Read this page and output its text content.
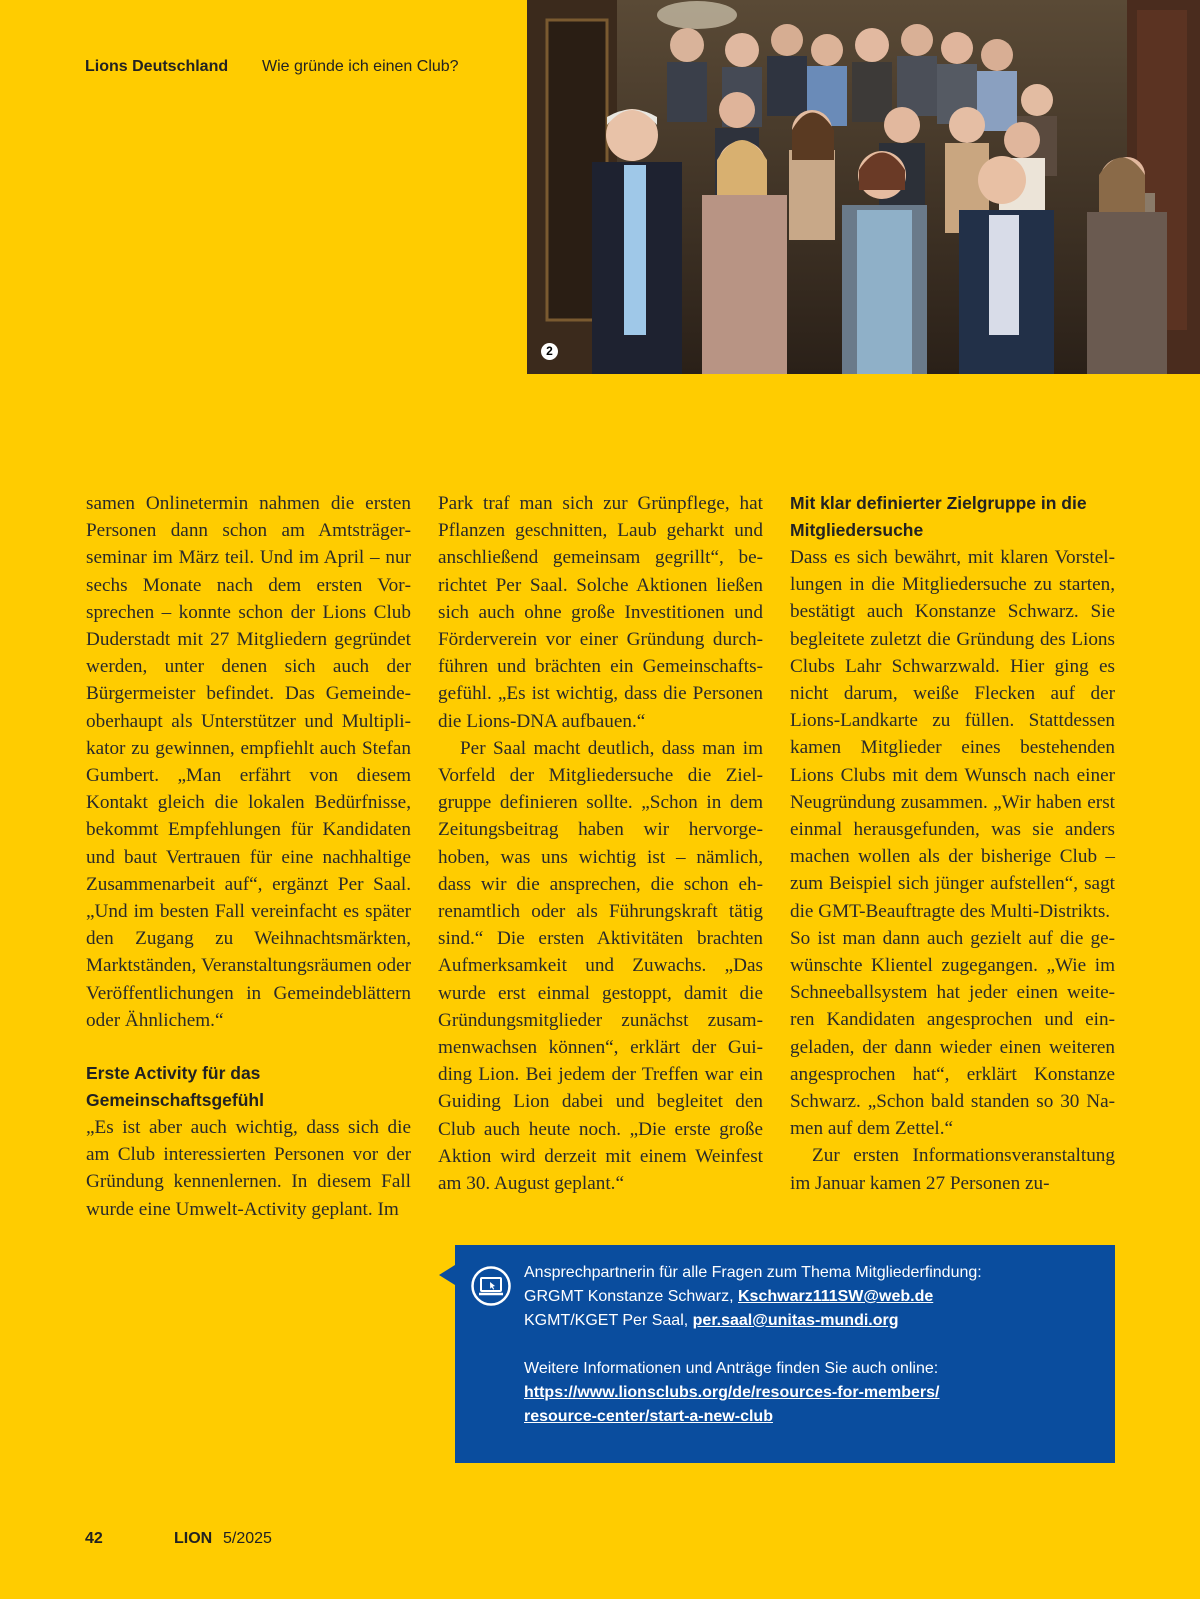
Lions Deutschland Wie gründe ich einen Club?
2

samen Onlinetermin nahmen die ersten Personen dann schon am Amtsträgerseminar im März teil. Und im April – nur sechs Monate nach dem ersten Vorsprechen – konnte schon der Lions Club Duderstadt mit 27 Mitgliedern gegründet werden, unter denen sich auch der Bürgermeister befindet. Das Gemeindeoberhaupt als Unterstützer und Multiplikator zu gewinnen, empfiehlt auch Stefan Gumbert. „Man erfährt von diesem Kontakt gleich die lokalen Bedürfnisse, bekommt Empfehlungen für Kandidaten und baut Vertrauen für eine nachhaltige Zusammenarbeit auf“, ergänzt Per Saal. „Und im besten Fall vereinfacht es später den Zugang zu Weihnachtsmärkten, Marktständen, Veranstaltungsräumen oder Veröffentlichungen in Gemeindeblättern oder Ähnlichem.“

Erste Activity für das Gemeinschaftsgefühl

„Es ist aber auch wichtig, dass sich die am Club interessierten Personen vor der Gründung kennenlernen. In diesem Fall wurde eine Umwelt-Activity geplant. Im

Park traf man sich zur Grünpflege, hat Pflanzen geschnitten, Laub geharkt und anschließend gemeinsam gegrillt“, berichtet Per Saal. Solche Aktionen ließen sich auch ohne große Investitionen und Förderverein vor einer Gründung durchführen und brächten ein Gemeinschaftsgefühl. „Es ist wichtig, dass die Personen die Lions-DNA aufbauen.“

Per Saal macht deutlich, dass man im Vorfeld der Mitgliedersuche die Zielgruppe definieren sollte. „Schon in dem Zeitungsbeitrag haben wir hervorgehoben, was uns wichtig ist – nämlich, dass wir die ansprechen, die schon ehrenamtlich oder als Führungskraft tätig sind.“ Die ersten Aktivitäten brachten Aufmerksamkeit und Zuwachs. „Das wurde erst einmal gestoppt, damit die Gründungsmitglieder zunächst zusammenwachsen können“, erklärt der Guiding Lion. Bei jedem der Treffen war ein Guiding Lion dabei und begleitet den Club auch heute noch. „Die erste große Aktion wird derzeit mit einem Weinfest am 30. August geplant.“

Mit klar definierter Zielgruppe in die Mitgliedersuche

Dass es sich bewährt, mit klaren Vorstellungen in die Mitgliedersuche zu starten, bestätigt auch Konstanze Schwarz. Sie begleitete zuletzt die Gründung des Lions Clubs Lahr Schwarzwald. Hier ging es nicht darum, weiße Flecken auf der Lions-Landkarte zu füllen. Stattdessen kamen Mitglieder eines bestehenden Lions Clubs mit dem Wunsch nach einer Neugründung zusammen. „Wir haben erst einmal herausgefunden, was sie anders machen wollen als der bisherige Club – zum Beispiel sich jünger aufstellen“, sagt die GMT-Beauftragte des Multi-Distrikts.

So ist man dann auch gezielt auf die gewünschte Klientel zugegangen. „Wie im Schneeballsystem hat jeder einen weiteren Kandidaten angesprochen und eingeladen, der dann wieder einen weiteren angesprochen hat“, erklärt Konstanze Schwarz. „Schon bald standen so 30 Namen auf dem Zettel.“

Zur ersten Informationsveranstaltung im Januar kamen 27 Personen zu-

Ansprechpartnerin für alle Fragen zum Thema Mitgliederfindung:
GRGMT Konstanze Schwarz, Kschwarz111SW@web.de
KGMT/KGET Per Saal, per.saal@unitas-mundi.org
Weitere Informationen und Anträge finden Sie auch online:
https://www.lionsclubs.org/de/resources-for-members/
resource-center/start-a-new-club
42	LION 5/2025
